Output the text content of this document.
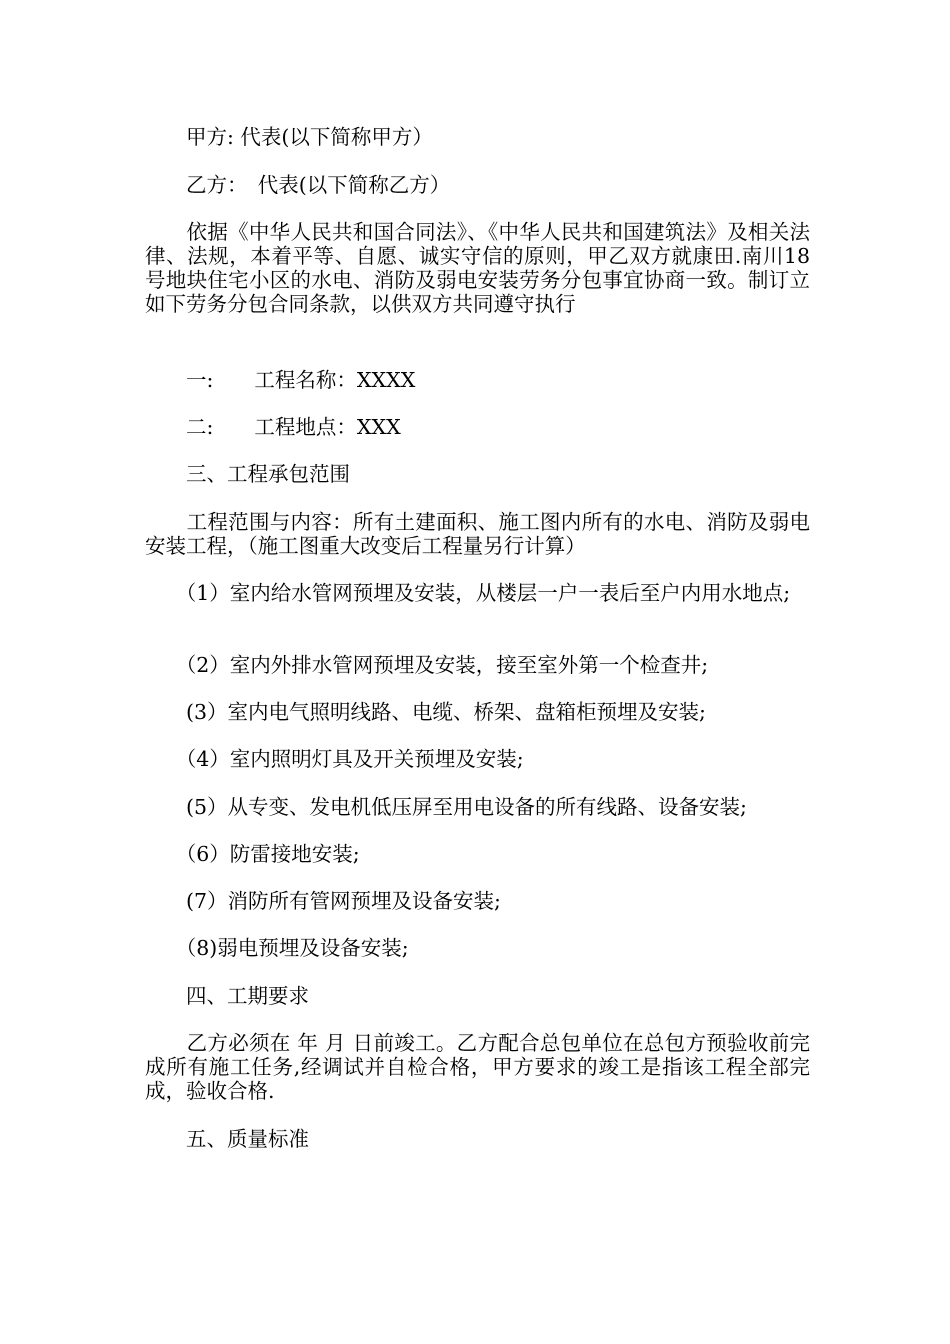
　　甲方: 代表(以下简称甲方）

　　乙方：　代表(以下简称乙方）

　　依据《中华人民共和国合同法》、《中华人民共和国建筑法》及相关法律、法规，本着平等、自愿、诚实守信的原则，甲乙双方就康田.南川18号地块住宅小区的水电、消防及弱电安装劳务分包事宜协商一致。制订立如下劳务分包合同条款，以供双方共同遵守执行

　　一:　　工程名称：XXXX

　　二:　　工程地点：XXX

　　三、工程承包范围

　　工程范围与内容：所有土建面积、施工图内所有的水电、消防及弱电安装工程，（施工图重大改变后工程量另行计算）

　　（1）室内给水管网预埋及安装，从楼层一户一表后至户内用水地点;

　　（2）室内外排水管网预埋及安装，接至室外第一个检查井;

　　(3）室内电气照明线路、电缆、桥架、盘箱柜预埋及安装;

　　（4）室内照明灯具及开关预埋及安装;

　　(5）从专变、发电机低压屏至用电设备的所有线路、设备安装;

　　（6）防雷接地安装;

　　(7）消防所有管网预埋及设备安装;

　　（8)弱电预埋及设备安装;

　　四、工期要求

　　乙方必须在 年 月 日前竣工。乙方配合总包单位在总包方预验收前完成所有施工任务,经调试并自检合格，甲方要求的竣工是指该工程全部完成，验收合格.

　　五、质量标准
